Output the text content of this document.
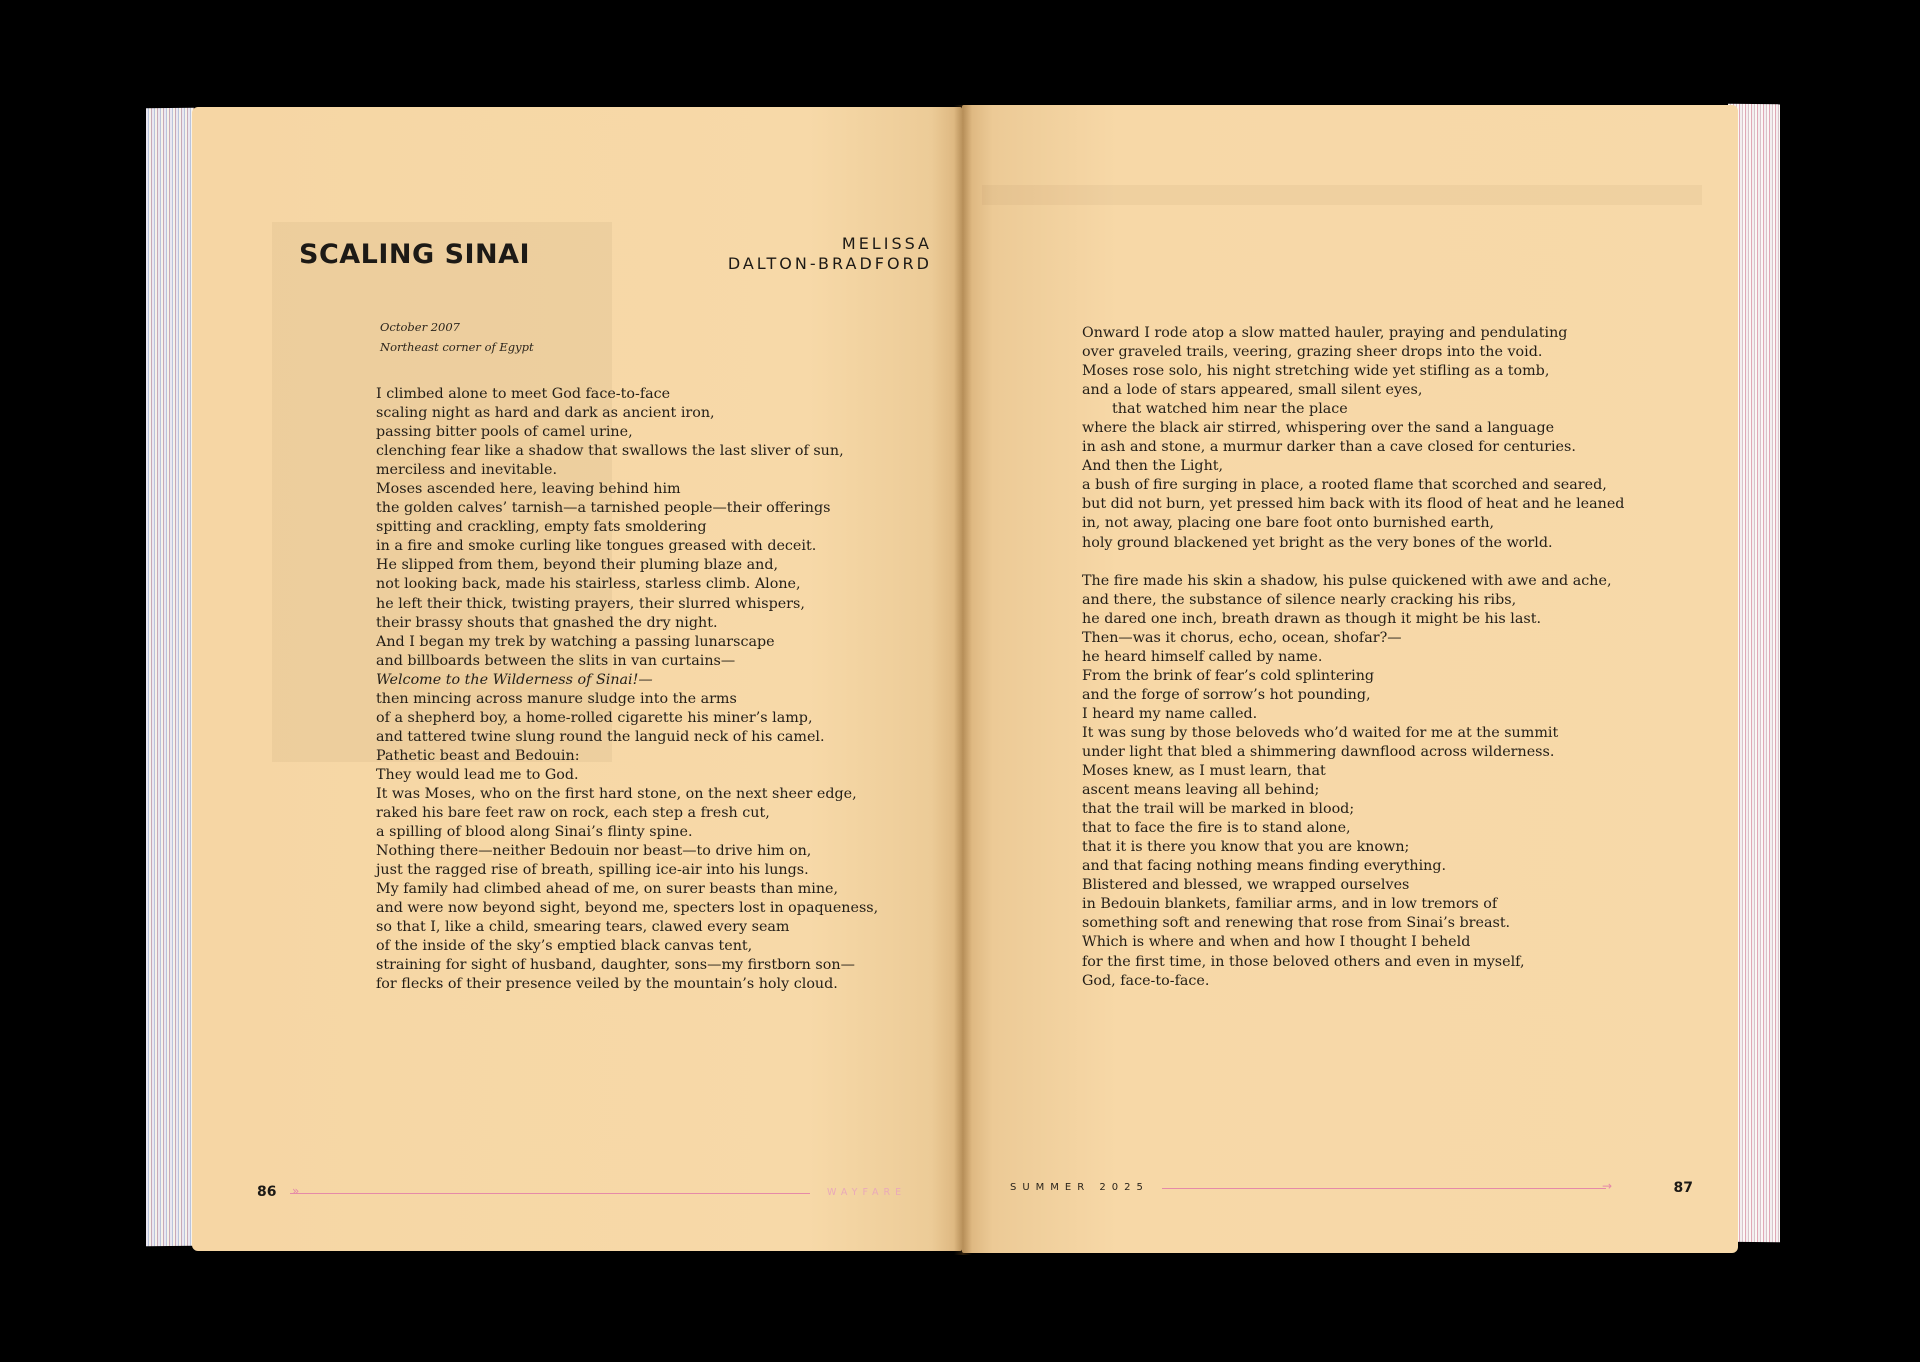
SCALING SINAI	MELISSA
DALTON-BRADFORD
October 2007
Northeast corner of Egypt
I climbed alone to meet God face-to-face
scaling night as hard and dark as ancient iron,
passing bitter pools of camel urine,
clenching fear like a shadow that swallows the last sliver of sun,
merciless and inevitable.
Moses ascended here, leaving behind him
the golden calves’ tarnish—a tarnished people—their offerings
spitting and crackling, empty fats smoldering
in a fire and smoke curling like tongues greased with deceit.
He slipped from them, beyond their pluming blaze and,
not looking back, made his stairless, starless climb. Alone,
he left their thick, twisting prayers, their slurred whispers,
their brassy shouts that gnashed the dry night.
And I began my trek by watching a passing lunarscape
and billboards between the slits in van curtains—
Welcome to the Wilderness of Sinai!—
then mincing across manure sludge into the arms
of a shepherd boy, a home-rolled cigarette his miner’s lamp,
and tattered twine slung round the languid neck of his camel.
Pathetic beast and Bedouin:
They would lead me to God.
It was Moses, who on the first hard stone, on the next sheer edge,
raked his bare feet raw on rock, each step a fresh cut,
a spilling of blood along Sinai’s flinty spine.
Nothing there—neither Bedouin nor beast—to drive him on,
just the ragged rise of breath, spilling ice-air into his lungs.
My family had climbed ahead of me, on surer beasts than mine,
and were now beyond sight, beyond me, specters lost in opaqueness,
so that I, like a child, smearing tears, clawed every seam
of the inside of the sky’s emptied black canvas tent,
straining for sight of husband, daughter, sons—my firstborn son—
for flecks of their presence veiled by the mountain’s holy cloud.
86 »	WAYFARE
Onward I rode atop a slow matted hauler, praying and pendulating
over graveled trails, veering, grazing sheer drops into the void.
Moses rose solo, his night stretching wide yet stifling as a tomb,
and a lode of stars appeared, small silent eyes,
that watched him near the place
where the black air stirred, whispering over the sand a language
in ash and stone, a murmur darker than a cave closed for centuries.
And then the Light,
a bush of fire surging in place, a rooted flame that scorched and seared,
but did not burn, yet pressed him back with its flood of heat and he leaned
in, not away, placing one bare foot onto burnished earth,
holy ground blackened yet bright as the very bones of the world.
The fire made his skin a shadow, his pulse quickened with awe and ache,
and there, the substance of silence nearly cracking his ribs,
he dared one inch, breath drawn as though it might be his last.
Then—was it chorus, echo, ocean, shofar?—
he heard himself called by name.
From the brink of fear’s cold splintering
and the forge of sorrow’s hot pounding,
I heard my name called.
It was sung by those beloveds who’d waited for me at the summit
under light that bled a shimmering dawnflood across wilderness.
Moses knew, as I must learn, that
ascent means leaving all behind;
that the trail will be marked in blood;
that to face the fire is to stand alone,
that it is there you know that you are known;
and that facing nothing means finding everything.
Blistered and blessed, we wrapped ourselves
in Bedouin blankets, familiar arms, and in low tremors of
something soft and renewing that rose from Sinai’s breast.
Which is where and when and how I thought I beheld
for the first time, in those beloved others and even in myself,
God, face-to-face.
SUMMER 2025	→	87
